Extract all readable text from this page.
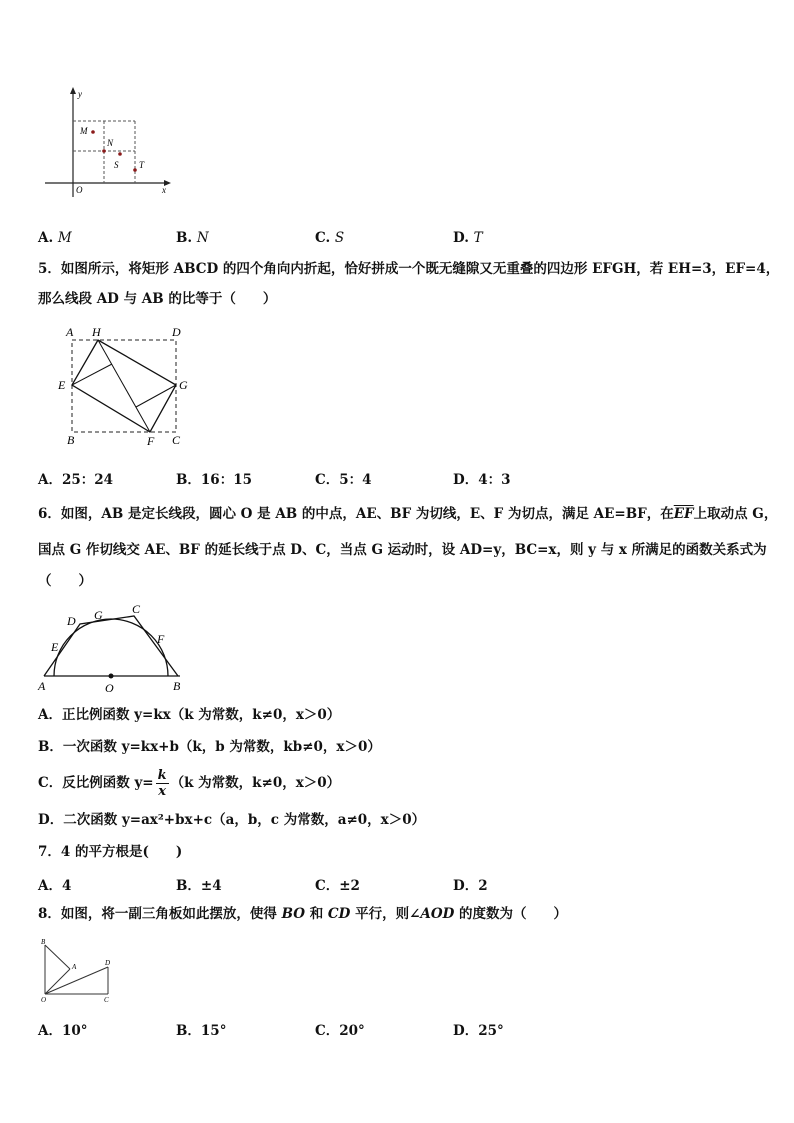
y
x
O
M
N
S T
A. M	B. N	C. S	D. T
5．如图所示，将矩形 ABCD 的四个角向内折起，恰好拼成一个既无缝隙又无重叠的四边形 EFGH，若 EH=3，EF=4，
那么线段 AD 与 AB 的比等于（　　）
A H	D
E	G
B	F C
A．25：24	B．16：15	C．5：4	D．4：3
6．如图，AB 是定长线段，圆心 O 是 AB 的中点，AE、BF 为切线，E、F 为切点，满足 AE=BF，在$\overline{EF}$上取动点 G，
国点 G 作切线交 AE、BF 的延长线于点 D、C，当点 G 运动时，设 AD=y，BC=x，则 y 与 x 所满足的函数关系式为
（　　）
D G C
E
F
A	O	B
A．正比例函数 y=kx（k 为常数，k≠0，x＞0）
B．一次函数 y=kx+b（k，b 为常数，kb≠0，x＞0）
C．反比例函数 $y= \frac{k}{x} (k$ 为常数，k≠0，x＞0）
D．二次函数 y=ax²+bx+c（a，b，c 为常数，a≠0，x＞0）
7．4 的平方根是(　　)
A．4	B．±4	C．±2	D．2
8．如图，将一副三角板如此摆放，使得 BO 和 CD 平行，则∠AOD 的度数为（　　）
B
A	D
O	C
A．10°	B．15°	C．20°	D．25°
